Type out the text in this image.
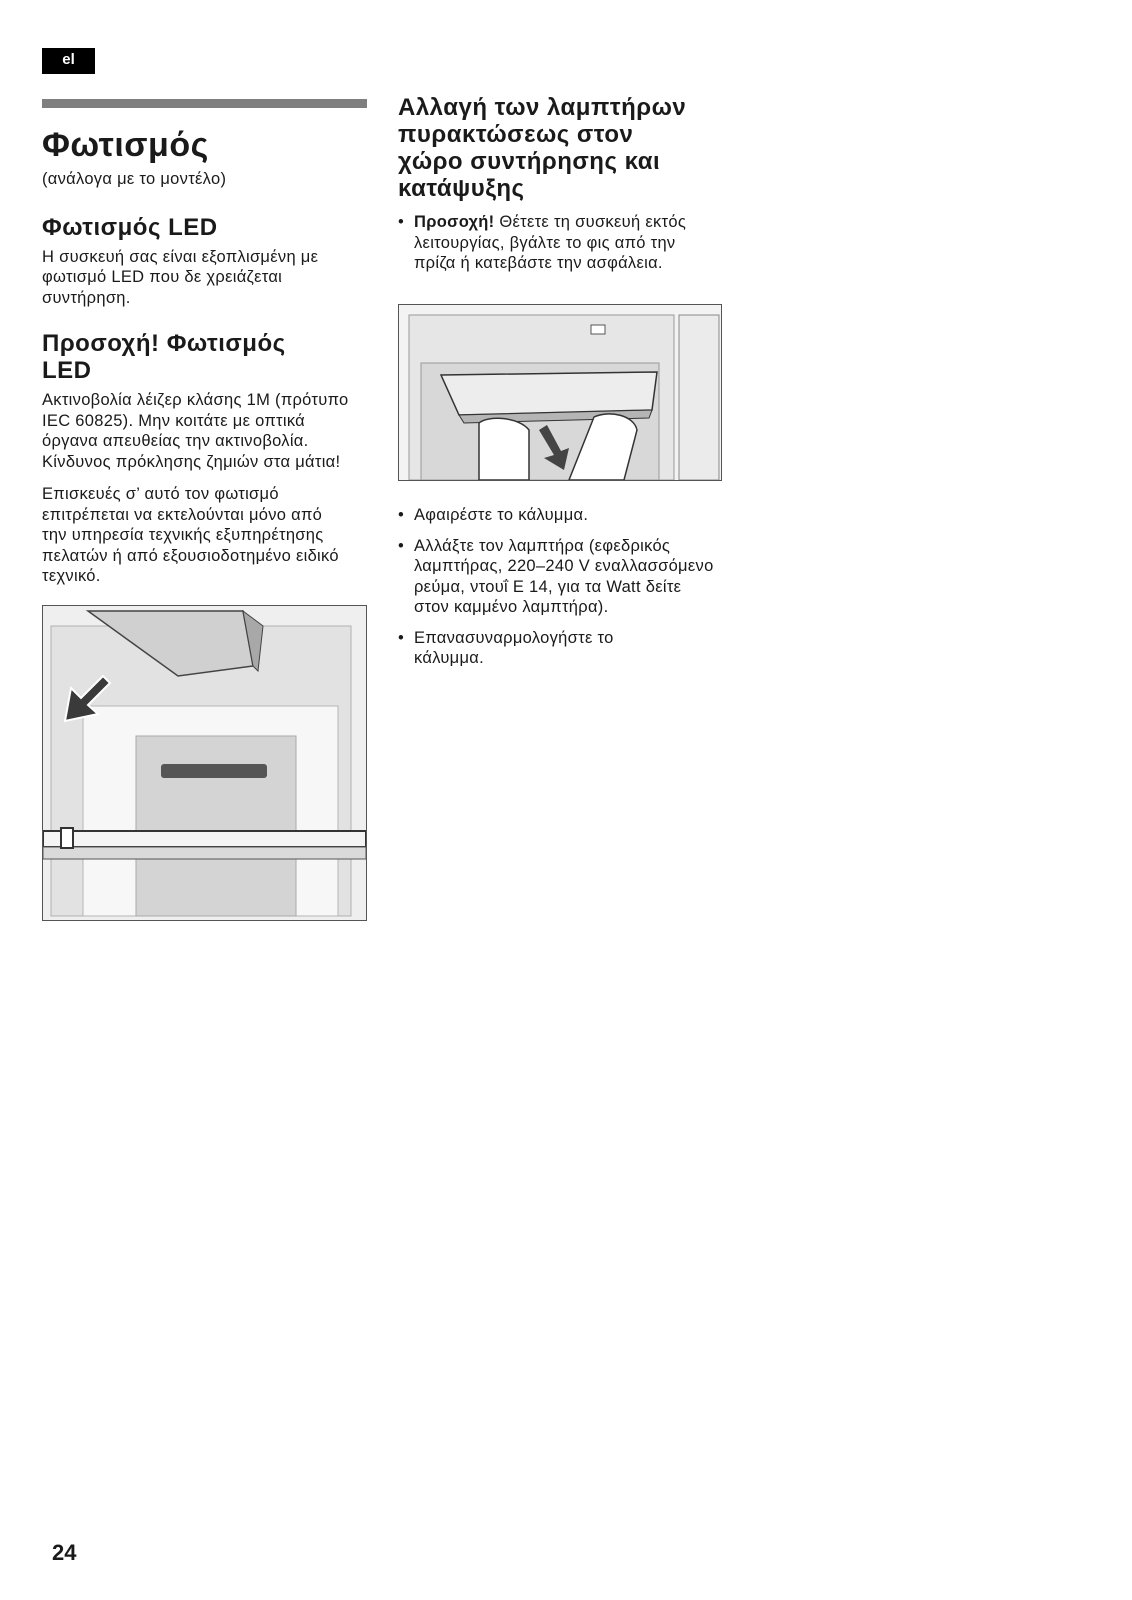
el
Φωτισμός
(ανάλογα με το μοντέλο)
Φωτισμός LED

Η συσκευή σας είναι εξοπλισμένη με φωτισμό LED που δε χρειάζεται συντήρηση.

Προσοχή! Φωτισμός LED

Ακτινοβολία λέιζερ κλάσης 1Μ (πρότυπο IEC 60825). Μην κοιτάτε με οπτικά όργανα απευθείας την ακτινοβολία. Κίνδυνος πρόκλησης ζημιών στα μάτια!

Επισκευές σ’ αυτό τον φωτισμό επιτρέπεται να εκτελούνται μόνο από την υπηρεσία τεχνικής εξυπηρέτησης πελατών ή από εξουσιοδοτημένο ειδικό τεχνικό.

Αλλαγή των λαμπτήρων πυρακτώσεως στον χώρο συντήρησης και κατάψυξης
• Προσοχή! Θέτετε τη συσκευή εκτός λειτουργίας, βγάλτε το φις από την πρίζα ή κατεβάστε την ασφάλεια.
• Αφαιρέστε το κάλυμμα.
• Αλλάξτε τον λαμπτήρα (εφεδρικός λαμπτήρας, 220–240 V εναλλασσόμενο ρεύμα, ντουΐ E 14, για τα Watt δείτε στον καμμένο λαμπτήρα).
• Επανασυναρμολογήστε το κάλυμμα.
24
